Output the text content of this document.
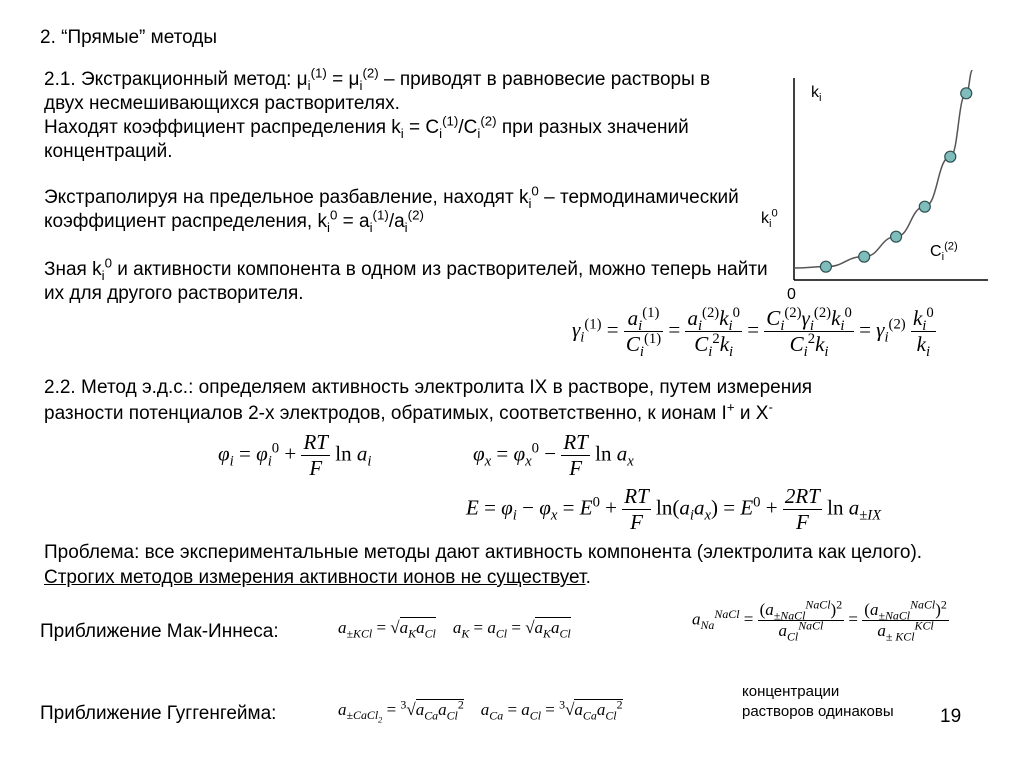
2. “Прямые” методы
2.1. Экстракционный метод: $\mu_i^{(1)} = \mu_i^{(2)}$ – приводят в равновесие растворы в двух несмешивающихся растворителях.
Находят коэффициент распределения $k_i = C_i^{(1)}/C_i^{(2)}$ при разных значений концентраций.
Экстраполируя на предельное разбавление, находят $k_i^0$ – термодинамический коэффициент распределения, $k_i^0 = a_i^{(1)}/a_i^{(2)}$
Зная $k_i^0$ и активности компонента в одном из растворителей, можно теперь найти их для другого растворителя.
$k_i$
$k_i^0$
$C_i^{(2)}$
0
$\gamma_i^{(1)} = \frac{a_i^{(1)}}{C_i^{(1)}} = \frac{a_i^{(2)}k_i^0}{C_i^2k_i} = \frac{C_i^{(2)}\gamma_i^{(2)}k_i^0}{C_i^2k_i} = \gamma_i^{(2)} \frac{k_i^0}{k_i}$
2.2. Метод э.д.с.: определяем активность электролита IX в растворе, путем измерения разности потенциалов 2-х электродов, обратимых, соответственно, к ионам I+ и X-
$\varphi_i = \varphi_i^0 + \frac{RT}{F}$ $\ln a_i$	$\varphi_x = \varphi_x^0 - \frac{RT}{F}$ $\ln a_x$
$E = \varphi_i - \varphi_x = E^0 + \frac{RT}{F} \ln(a_ia_x) = E^0 + \frac{2RT}{F}$ $\ln a_{\pm IX}$
Проблема: все экспериментальные методы дают активность компонента (электролита как целого). Строгих методов измерения активности ионов не существует.
Приближение Мак-Иннеса:	$a_{\pm KCl} = √a_Ka_{Cl}$ $a_K = a_{Cl} = √a_Ka_{Cl}$
$a_{Na}^{NaCl} = \frac{(a_{\pm NaCl}^{NaCl})^2}{a_{Cl}^{NaCl}} = \frac{(a_{\pm NaCl}^{NaCl})^2}{a_{\pm KCl}^{KCl}}$
Приближение Гуггенгейма:	$a_{\pm CaCl_2} = ^3√a_{Ca}a_{Cl}^2$ $a_{Ca} = a_{Cl} = ^3√a_{Ca}a_{Cl}^2$
концентрации
растворов одинаковы 19
